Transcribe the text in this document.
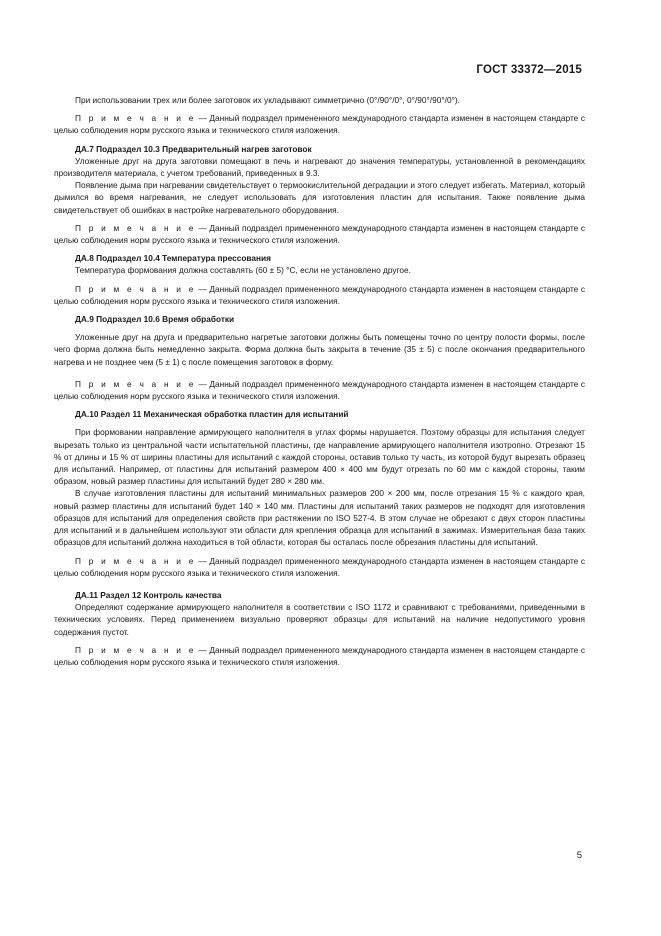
ГОСТ 33372—2015

При использовании трех или более заготовок их укладывают симметрично (0°/90°/0°, 0°/90°/90°/0°).

П р и м е ч а н и е — Данный подраздел примененного международного стандарта изменен в настоящем стандарте с целью соблюдения норм русского языка и технического стиля изложения.

ДА.7 Подраздел 10.3 Предварительный нагрев заготовок

Уложенные друг на друга заготовки помещают в печь и нагревают до значения температуры, установленной в рекомендациях производителя материала, с учетом требований, приведенных в 9.3.

Появление дыма при нагревании свидетельствует о термоокислительной деградации и этого следует избегать. Материал, который дымился во время нагревания, не следует использовать для изготовления пластин для испытания. Также появление дыма свидетельствует об ошибках в настройке нагревательного оборудования.

П р и м е ч а н и е — Данный подраздел примененного международного стандарта изменен в настоящем стандарте с целью соблюдения норм русского языка и технического стиля изложения.

ДА.8 Подраздел 10.4 Температура прессования

Температура формования должна составлять (60 ± 5) °C, если не установлено другое.

П р и м е ч а н и е — Данный подраздел примененного международного стандарта изменен в настоящем стандарте с целью соблюдения норм русского языка и технического стиля изложения.

ДА.9 Подраздел 10.6 Время обработки

Уложенные друг на друга и предварительно нагретые заготовки должны быть помещены точно по центру полости формы, после чего форма должна быть немедленно закрыта. Форма должна быть закрыта в течение (35 ± 5) с после окончания предварительного нагрева и не позднее чем (5 ± 1) с после помещения заготовок в форму.

П р и м е ч а н и е — Данный подраздел примененного международного стандарта изменен в настоящем стандарте с целью соблюдения норм русского языка и технического стиля изложения.

ДА.10 Раздел 11 Механическая обработка пластин для испытаний

При формовании направление армирующего наполнителя в углах формы нарушается. Поэтому образцы для испытания следует вырезать только из центральной части испытательной пластины, где направление армирующего наполнителя изотропно. Отрезают 15 % от длины и 15 % от ширины пластины для испытаний с каждой стороны, оставив только ту часть, из которой будут вырезать образец для испытаний. Например, от пластины для испытаний размером 400 × 400 мм будут отрезать по 60 мм с каждой стороны, таким образом, новый размер пластины для испытаний будет 280 × 280 мм.

В случае изготовления пластины для испытаний минимальных размеров 200 × 200 мм, после отрезания 15 % с каждого края, новый размер пластины для испытаний будет 140 × 140 мм. Пластины для испытаний таких размеров не подходят для изготовления образцов для испытаний для определения свойств при растяжении по ISO 527-4. В этом случае не обрезают с двух сторон пластины для испытаний и в дальнейшем используют эти области для крепления образца для испытаний в зажимах. Измерительная база таких образцов для испытаний должна находиться в той области, которая бы осталась после обрезания пластины для испытаний.

П р и м е ч а н и е — Данный подраздел примененного международного стандарта изменен в настоящем стандарте с целью соблюдения норм русского языка и технического стиля изложения.

ДА.11 Раздел 12 Контроль качества

Определяют содержание армирующего наполнителя в соответствии с ISO 1172 и сравнивают с требованиями, приведенными в технических условиях. Перед применением визуально проверяют образцы для испытаний на наличие недопустимого уровня содержания пустот.

П р и м е ч а н и е — Данный подраздел примененного международного стандарта изменен в настоящем стандарте с целью соблюдения норм русского языка и технического стиля изложения.

5
